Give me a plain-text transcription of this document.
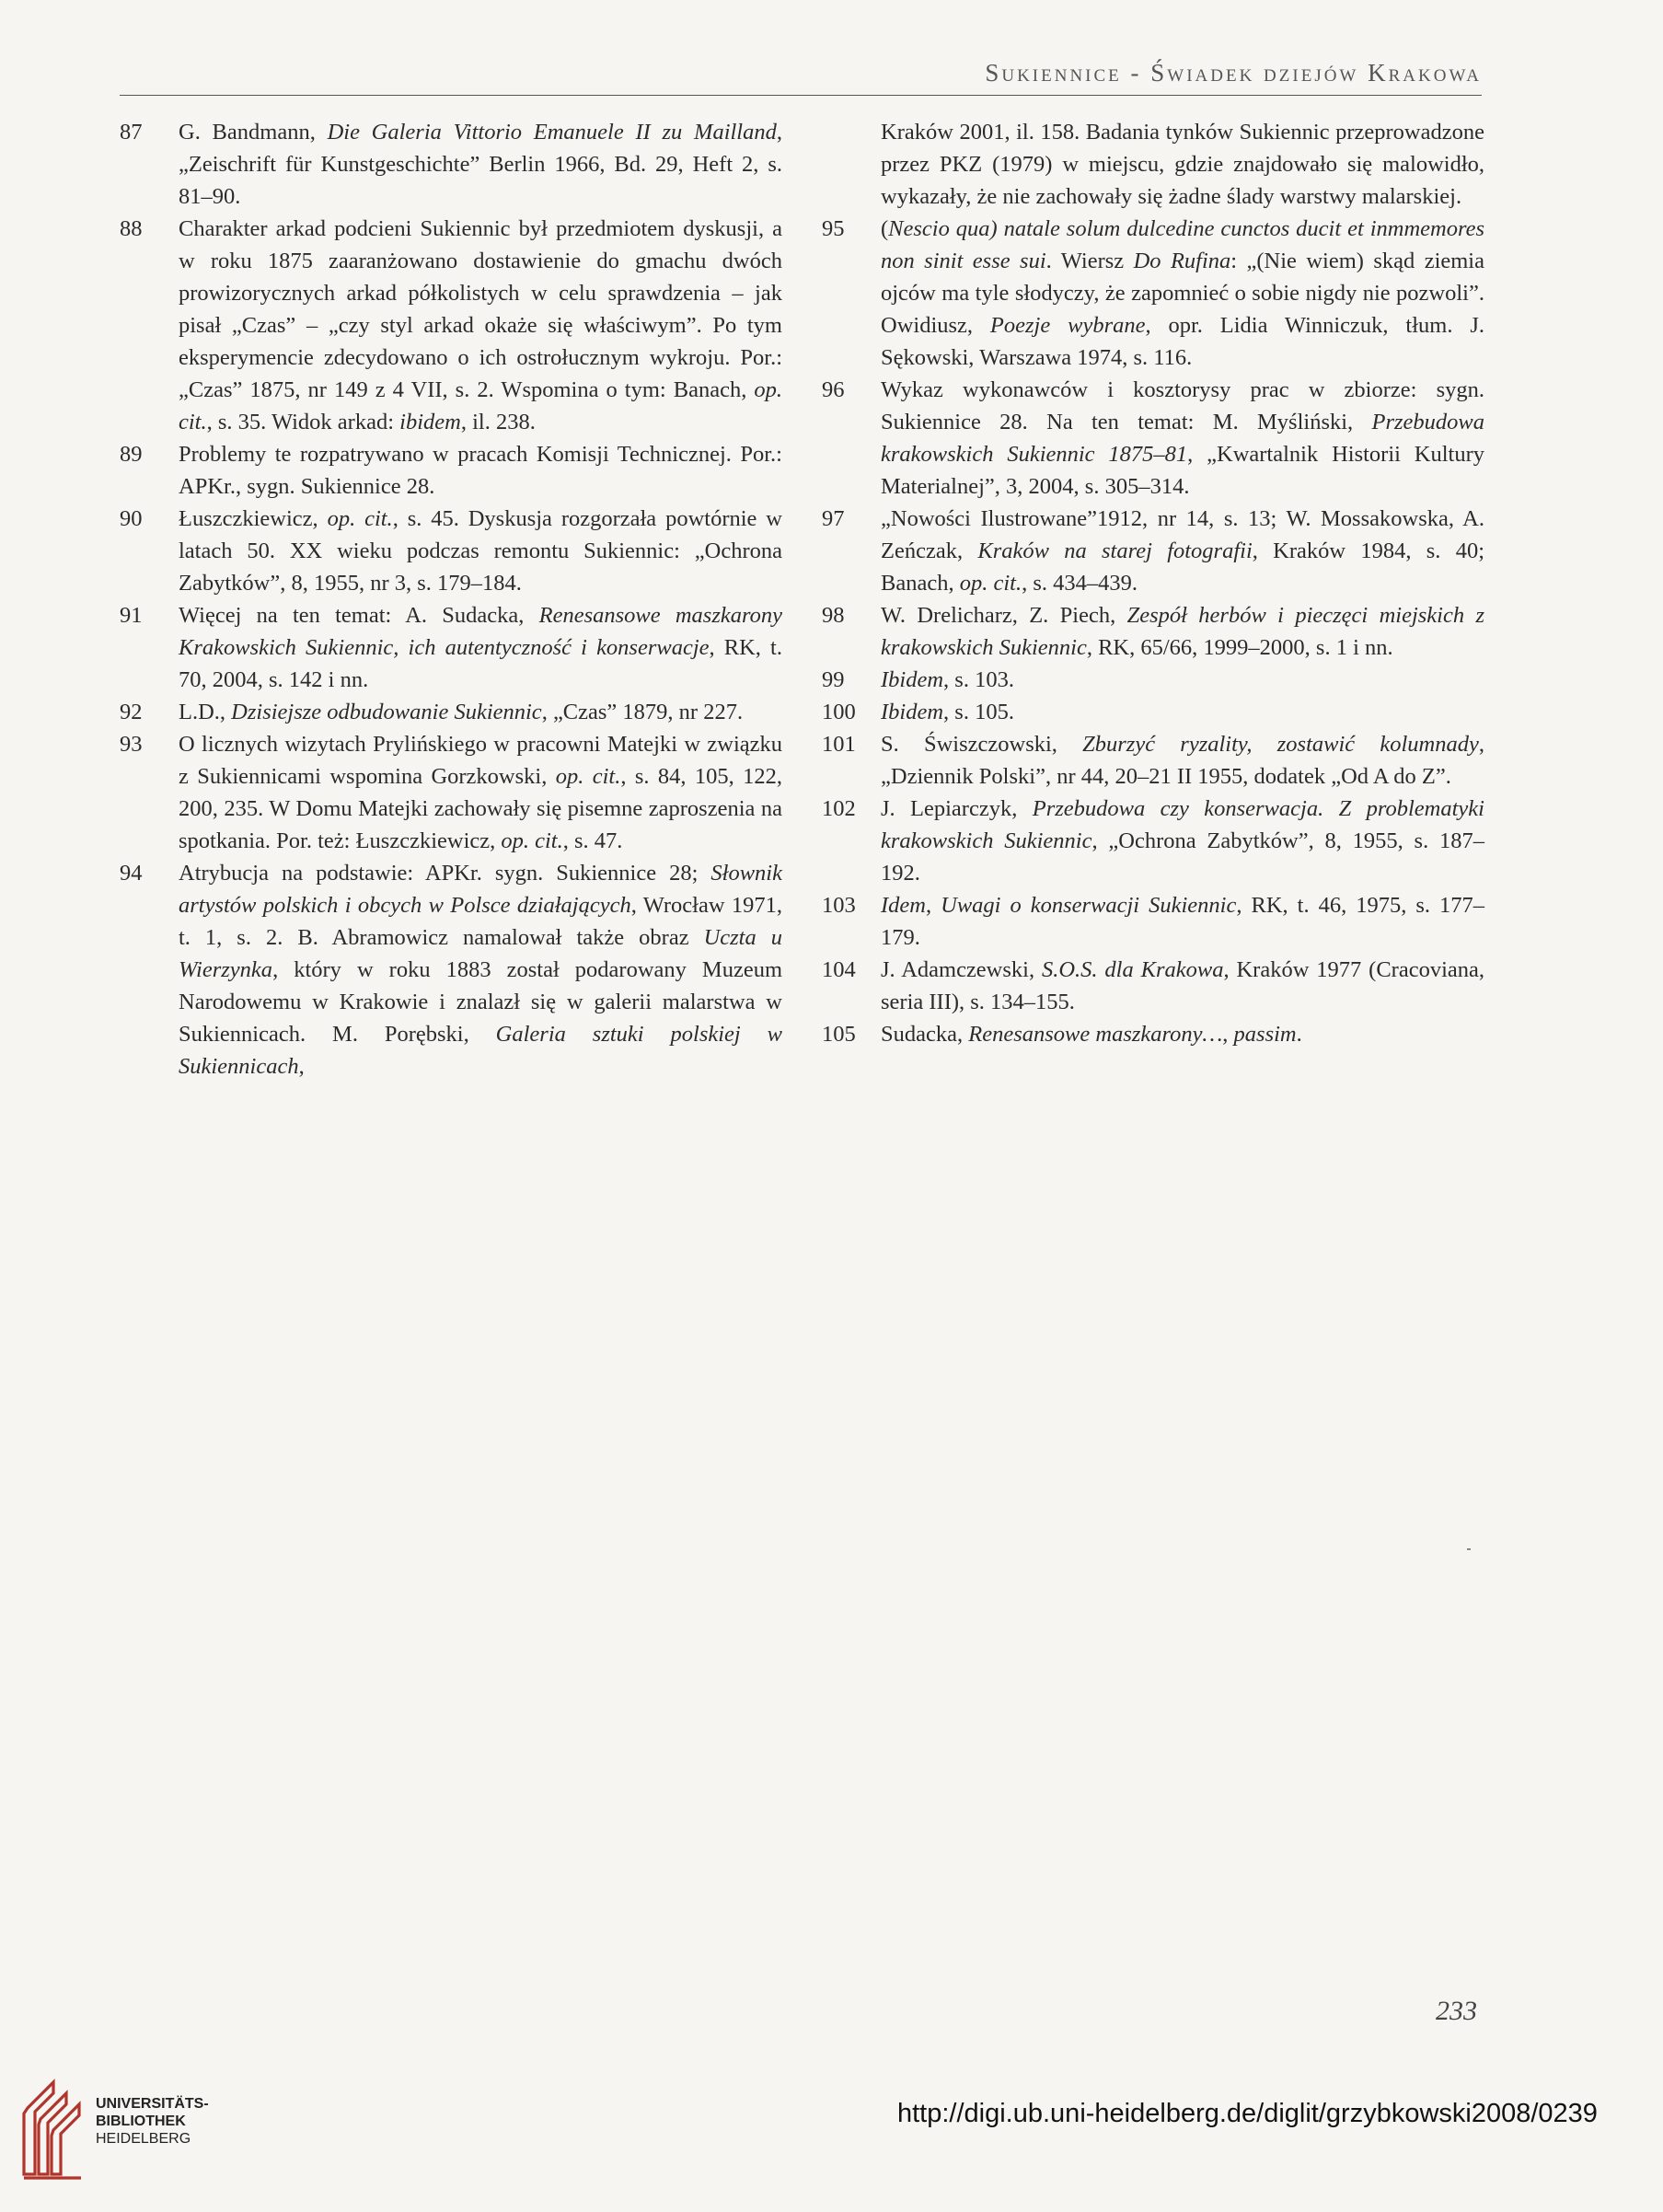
Sukiennice - Świadek dziejów Krakowa
87	G. Bandmann, Die Galeria Vittorio Emanuele II zu Mailland, „Zeischrift für Kunstgeschichte” Berlin 1966, Bd. 29, Heft 2, s. 81–90.
88	Charakter arkad podcieni Sukiennic był przedmiotem dyskusji, a w roku 1875 zaaranżowano dostawienie do gmachu dwóch prowizorycznych arkad półkolistych w celu sprawdzenia – jak pisał „Czas” – „czy styl arkad okaże się właściwym”. Po tym eksperymencie zdecydowano o ich ostrołucznym wykroju. Por.: „Czas” 1875, nr 149 z 4 VII, s. 2. Wspomina o tym: Banach, op. cit., s. 35. Widok arkad: ibidem, il. 238.
89	Problemy te rozpatrywano w pracach Komisji Technicznej. Por.: APKr., sygn. Sukiennice 28.
90	Łuszczkiewicz, op. cit., s. 45. Dyskusja rozgorzała powtórnie w latach 50. XX wieku podczas remontu Sukiennic: „Ochrona Zabytków”, 8, 1955, nr 3, s. 179–184.
91	Więcej na ten temat: A. Sudacka, Renesansowe maszkarony Krakowskich Sukiennic, ich autentyczność i konserwacje, RK, t. 70, 2004, s. 142 i nn.
92	L.D., Dzisiejsze odbudowanie Sukiennic, „Czas” 1879, nr 227.
93	O licznych wizytach Prylińskiego w pracowni Matejki w związku z Sukiennicami wspomina Gorzkowski, op. cit., s. 84, 105, 122, 200, 235. W Domu Matejki zachowały się pisemne zaproszenia na spotkania. Por. też: Łuszczkiewicz, op. cit., s. 47.
94	Atrybucja na podstawie: APKr. sygn. Sukiennice 28; Słownik artystów polskich i obcych w Polsce działających, Wrocław 1971, t. 1, s. 2. B. Abramowicz namalował także obraz Uczta u Wierzynka, który w roku 1883 został podarowany Muzeum Narodowemu w Krakowie i znalazł się w galerii malarstwa w Sukiennicach. M. Porębski, Galeria sztuki polskiej w Sukiennicach,
Kraków 2001, il. 158. Badania tynków Sukiennic przeprowadzone przez PKZ (1979) w miejscu, gdzie znajdowało się malowidło, wykazały, że nie zachowały się żadne ślady warstwy malarskiej.
95	(Nescio qua) natale solum dulcedine cunctos ducit et inmmemores non sinit esse sui. Wiersz Do Rufina: „(Nie wiem) skąd ziemia ojców ma tyle słodyczy, że zapomnieć o sobie nigdy nie pozwoli”. Owidiusz, Poezje wybrane, opr. Lidia Winniczuk, tłum. J. Sękowski, Warszawa 1974, s. 116.
96	Wykaz wykonawców i kosztorysy prac w zbiorze: sygn. Sukiennice 28. Na ten temat: M. Myśliński, Przebudowa krakowskich Sukiennic 1875–81, „Kwartalnik Historii Kultury Materialnej”, 3, 2004, s. 305–314.
97	„Nowości Ilustrowane”1912, nr 14, s. 13; W. Mossakowska, A. Zeńczak, Kraków na starej fotografii, Kraków 1984, s. 40; Banach, op. cit., s. 434–439.
98	W. Drelicharz, Z. Piech, Zespół herbów i pieczęci miejskich z krakowskich Sukiennic, RK, 65/66, 1999–2000, s. 1 i nn.
99	Ibidem, s. 103.
100	Ibidem, s. 105.
101	S. Świszczowski, Zburzyć ryzality, zostawić kolumnady, „Dziennik Polski”, nr 44, 20–21 II 1955, dodatek „Od A do Z”.
102	J. Lepiarczyk, Przebudowa czy konserwacja. Z problematyki krakowskich Sukiennic, „Ochrona Zabytków”, 8, 1955, s. 187–192.
103	Idem, Uwagi o konserwacji Sukiennic, RK, t. 46, 1975, s. 177–179.
104	J. Adamczewski, S.O.S. dla Krakowa, Kraków 1977 (Cracoviana, seria III), s. 134–155.
105	Sudacka, Renesansowe maszkarony…, passim.
233
UNIVERSITÄTS-
BIBLIOTHEK
HEIDELBERG
http://digi.ub.uni-heidelberg.de/diglit/grzybkowski2008/0239
